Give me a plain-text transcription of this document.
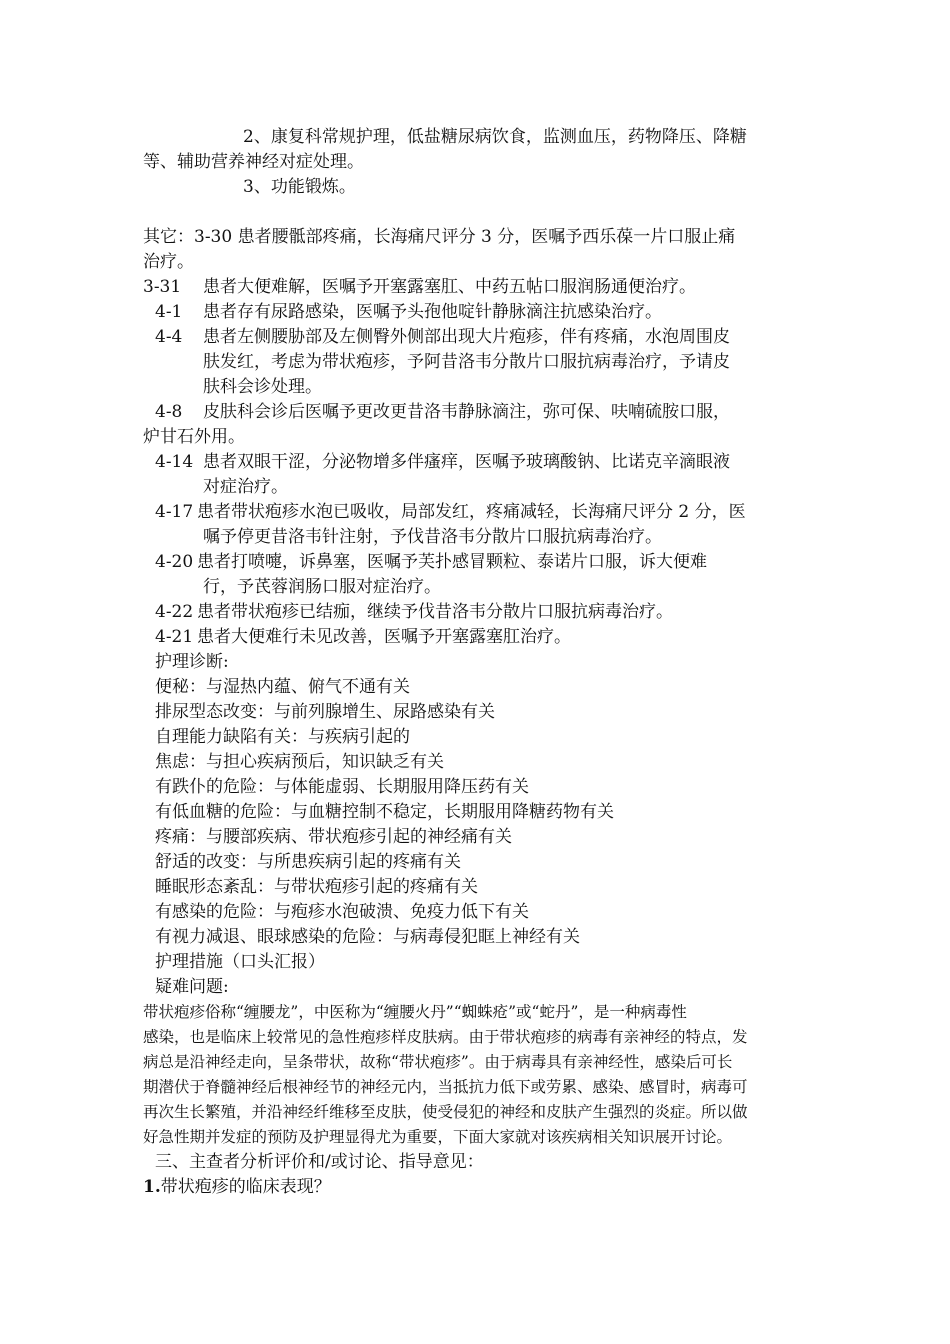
2、康复科常规护理，低盐糖尿病饮食，监测血压，药物降压、降糖
等、辅助营养神经对症处理。
3、功能锻炼。
其它：3-30 患者腰骶部疼痛，长海痛尺评分 3 分，医嘱予西乐葆一片口服止痛
治疗。
3-31 患者大便难解，医嘱予开塞露塞肛、中药五帖口服润肠通便治疗。
4-1 患者存有尿路感染，医嘱予头孢他啶针静脉滴注抗感染治疗。
4-4 患者左侧腰胁部及左侧臀外侧部出现大片疱疹，伴有疼痛，水泡周围皮
肤发红，考虑为带状疱疹，予阿昔洛韦分散片口服抗病毒治疗，予请皮
肤科会诊处理。
4-8 皮肤科会诊后医嘱予更改更昔洛韦静脉滴注，弥可保、呋喃硫胺口服，
炉甘石外用。
4-14 患者双眼干涩，分泌物增多伴瘙痒，医嘱予玻璃酸钠、比诺克辛滴眼液
对症治疗。
4-17 患者带状疱疹水泡已吸收，局部发红，疼痛减轻，长海痛尺评分 2 分，医
嘱予停更昔洛韦针注射，予伐昔洛韦分散片口服抗病毒治疗。
4-20 患者打喷嚏，诉鼻塞，医嘱予芙扑感冒颗粒、泰诺片口服，诉大便难
行，予芪蓉润肠口服对症治疗。
4-22 患者带状疱疹已结痂，继续予伐昔洛韦分散片口服抗病毒治疗。
4-21 患者大便难行未见改善，医嘱予开塞露塞肛治疗。
护理诊断:
便秘：与湿热内蕴、俯气不通有关
排尿型态改变：与前列腺增生、尿路感染有关
自理能力缺陷有关：与疾病引起的
焦虑：与担心疾病预后，知识缺乏有关
有跌仆的危险：与体能虚弱、长期服用降压药有关
有低血糖的危险：与血糖控制不稳定，长期服用降糖药物有关
疼痛：与腰部疾病、带状疱疹引起的神经痛有关
舒适的改变：与所患疾病引起的疼痛有关
睡眠形态紊乱：与带状疱疹引起的疼痛有关
有感染的危险：与疱疹水泡破溃、免疫力低下有关
有视力减退、眼球感染的危险：与病毒侵犯眶上神经有关
护理措施（口头汇报）
疑难问题:
带状疱疹俗称“缠腰龙”，中医称为“缠腰火丹”“蜘蛛疮”或“蛇丹”，是一种病毒性
感染，也是临床上较常见的急性疱疹样皮肤病。由于带状疱疹的病毒有亲神经的特点，发
病总是沿神经走向，呈条带状，故称“带状疱疹”。由于病毒具有亲神经性，感染后可长
期潜伏于脊髓神经后根神经节的神经元内，当抵抗力低下或劳累、感染、感冒时，病毒可
再次生长繁殖，并沿神经纤维移至皮肤，使受侵犯的神经和皮肤产生强烈的炎症。所以做
好急性期并发症的预防及护理显得尤为重要，下面大家就对该疾病相关知识展开讨论。
三、主查者分析评价和/或讨论、指导意见：
1.带状疱疹的临床表现？
